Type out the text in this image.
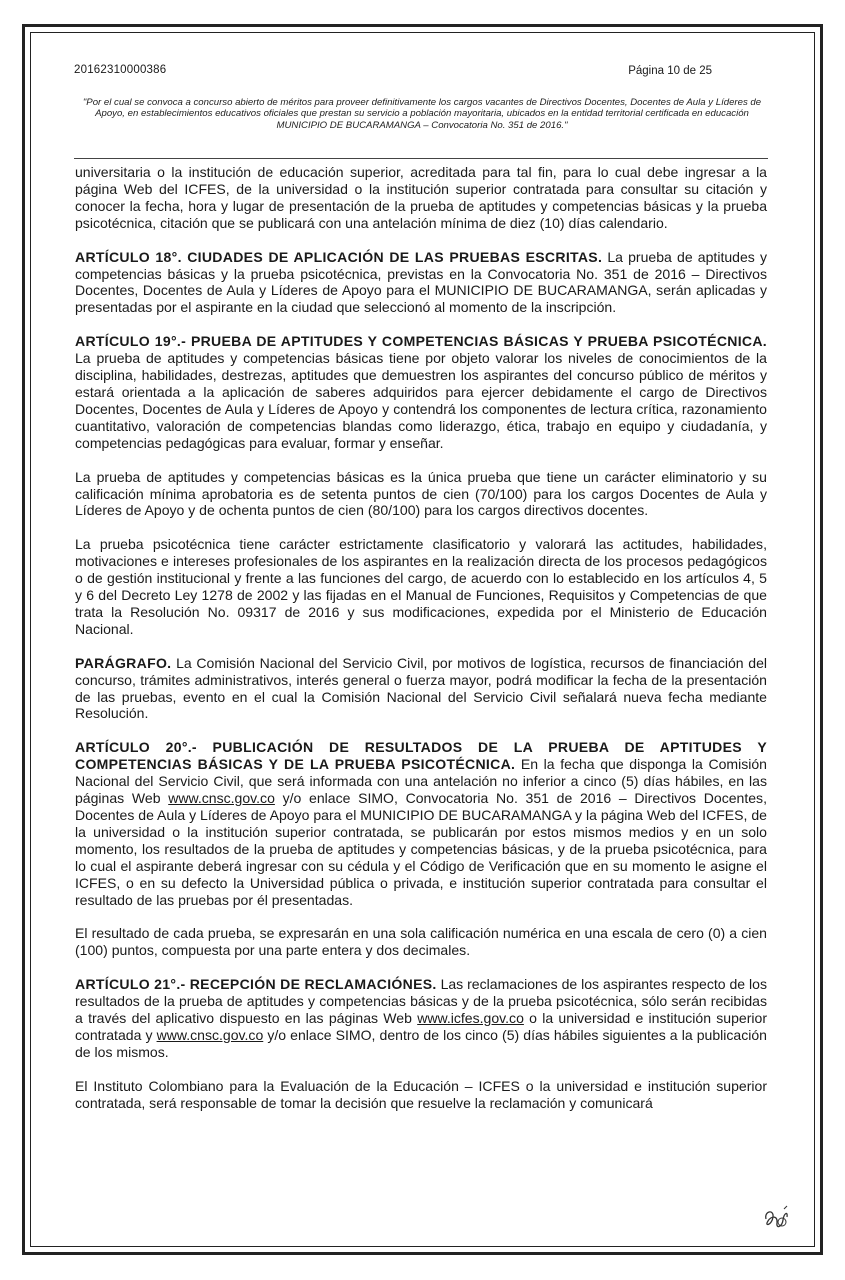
20162310000386	Página 10 de 25
"Por el cual se convoca a concurso abierto de méritos para proveer definitivamente los cargos vacantes de Directivos Docentes, Docentes de Aula y Líderes de Apoyo, en establecimientos educativos oficiales que prestan su servicio a población mayoritaria, ubicados en la entidad territorial certificada en educación MUNICIPIO DE BUCARAMANGA – Convocatoria No. 351 de 2016."

universitaria o la institución de educación superior, acreditada para tal fin, para lo cual debe ingresar a la página Web del ICFES, de la universidad o la institución superior contratada para consultar su citación y conocer la fecha, hora y lugar de presentación de la prueba de aptitudes y competencias básicas y la prueba psicotécnica, citación que se publicará con una antelación mínima de diez (10) días calendario.

ARTÍCULO 18°. CIUDADES DE APLICACIÓN DE LAS PRUEBAS ESCRITAS. La prueba de aptitudes y competencias básicas y la prueba psicotécnica, previstas en la Convocatoria No. 351 de 2016 – Directivos Docentes, Docentes de Aula y Líderes de Apoyo para el MUNICIPIO DE BUCARAMANGA, serán aplicadas y presentadas por el aspirante en la ciudad que seleccionó al momento de la inscripción.

ARTÍCULO 19°.- PRUEBA DE APTITUDES Y COMPETENCIAS BÁSICAS Y PRUEBA PSICOTÉCNICA. La prueba de aptitudes y competencias básicas tiene por objeto valorar los niveles de conocimientos de la disciplina, habilidades, destrezas, aptitudes que demuestren los aspirantes del concurso público de méritos y estará orientada a la aplicación de saberes adquiridos para ejercer debidamente el cargo de Directivos Docentes, Docentes de Aula y Líderes de Apoyo y contendrá los componentes de lectura crítica, razonamiento cuantitativo, valoración de competencias blandas como liderazgo, ética, trabajo en equipo y ciudadanía, y competencias pedagógicas para evaluar, formar y enseñar.

La prueba de aptitudes y competencias básicas es la única prueba que tiene un carácter eliminatorio y su calificación mínima aprobatoria es de setenta puntos de cien (70/100) para los cargos Docentes de Aula y Líderes de Apoyo y de ochenta puntos de cien (80/100) para los cargos directivos docentes.

La prueba psicotécnica tiene carácter estrictamente clasificatorio y valorará las actitudes, habilidades, motivaciones e intereses profesionales de los aspirantes en la realización directa de los procesos pedagógicos o de gestión institucional y frente a las funciones del cargo, de acuerdo con lo establecido en los artículos 4, 5 y 6 del Decreto Ley 1278 de 2002 y las fijadas en el Manual de Funciones, Requisitos y Competencias de que trata la Resolución No. 09317 de 2016 y sus modificaciones, expedida por el Ministerio de Educación Nacional.

PARÁGRAFO. La Comisión Nacional del Servicio Civil, por motivos de logística, recursos de financiación del concurso, trámites administrativos, interés general o fuerza mayor, podrá modificar la fecha de la presentación de las pruebas, evento en el cual la Comisión Nacional del Servicio Civil señalará nueva fecha mediante Resolución.

ARTÍCULO 20°.- PUBLICACIÓN DE RESULTADOS DE LA PRUEBA DE APTITUDES Y COMPETENCIAS BÁSICAS Y DE LA PRUEBA PSICOTÉCNICA. En la fecha que disponga la Comisión Nacional del Servicio Civil, que será informada con una antelación no inferior a cinco (5) días hábiles, en las páginas Web www.cnsc.gov.co y/o enlace SIMO, Convocatoria No. 351 de 2016 – Directivos Docentes, Docentes de Aula y Líderes de Apoyo para el MUNICIPIO DE BUCARAMANGA y la página Web del ICFES, de la universidad o la institución superior contratada, se publicarán por estos mismos medios y en un solo momento, los resultados de la prueba de aptitudes y competencias básicas, y de la prueba psicotécnica, para lo cual el aspirante deberá ingresar con su cédula y el Código de Verificación que en su momento le asigne el ICFES, o en su defecto la Universidad pública o privada, e institución superior contratada para consultar el resultado de las pruebas por él presentadas.

El resultado de cada prueba, se expresarán en una sola calificación numérica en una escala de cero (0) a cien (100) puntos, compuesta por una parte entera y dos decimales.

ARTÍCULO 21°.- RECEPCIÓN DE RECLAMACIÓNES. Las reclamaciones de los aspirantes respecto de los resultados de la prueba de aptitudes y competencias básicas y de la prueba psicotécnica, sólo serán recibidas a través del aplicativo dispuesto en las páginas Web www.icfes.gov.co o la universidad e institución superior contratada y www.cnsc.gov.co y/o enlace SIMO, dentro de los cinco (5) días hábiles siguientes a la publicación de los mismos.

El Instituto Colombiano para la Evaluación de la Educación – ICFES o la universidad e institución superior contratada, será responsable de tomar la decisión que resuelve la reclamación y comunicará
